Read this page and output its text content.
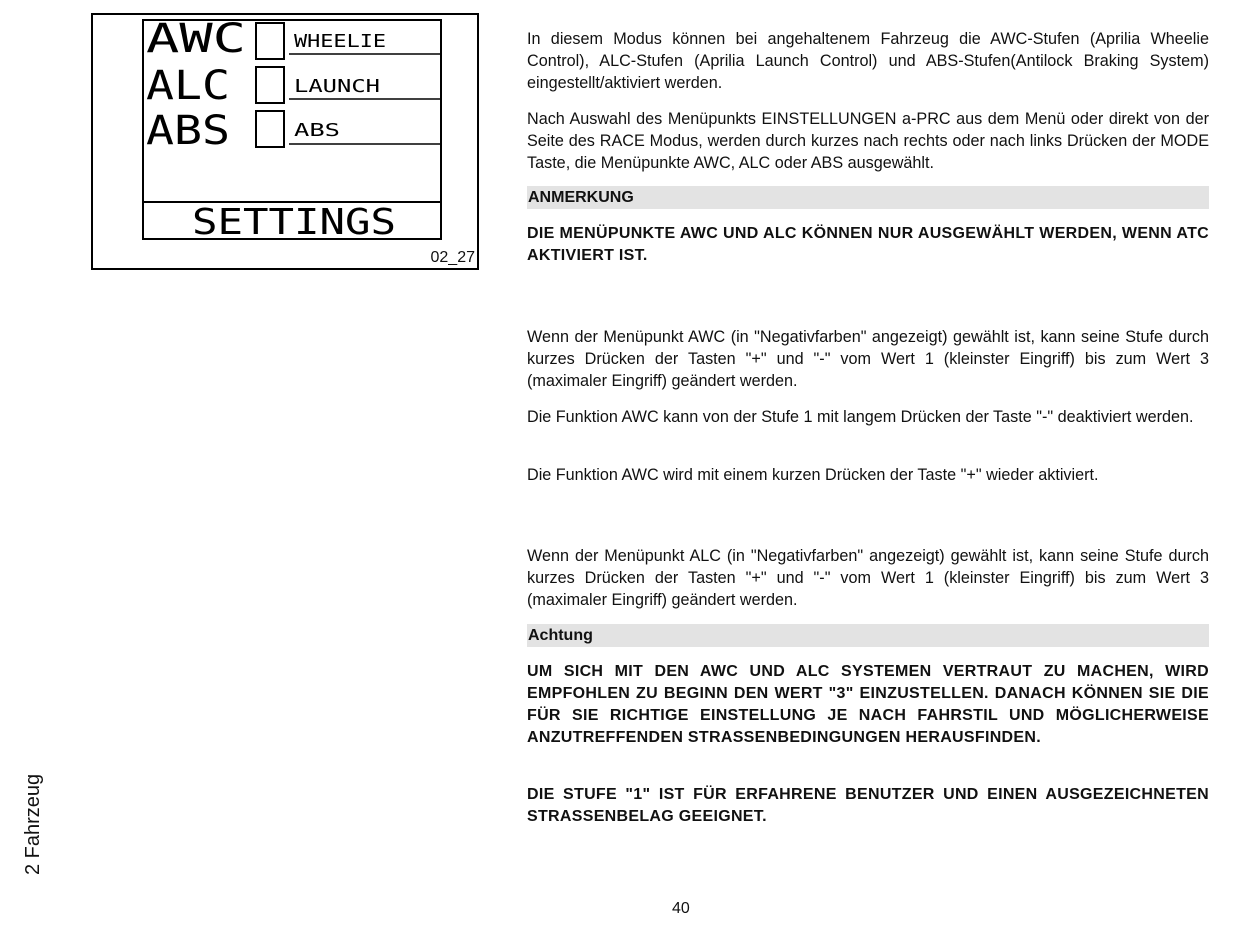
02_27
AWC	WHEELIE
ALC	LAUNCH
ABS	ABS
SETTINGS

In diesem Modus können bei angehaltenem Fahrzeug die AWC-Stufen (Aprilia Wheelie Control), ALC-Stufen (Aprilia Launch Control) und ABS-Stufen(Antilock Braking System) eingestellt/aktiviert werden.

Nach Auswahl des Menüpunkts EINSTELLUNGEN a-PRC aus dem Menü oder direkt von der Seite des RACE Modus, werden durch kurzes nach rechts oder nach links Drücken der MODE Taste, die Menüpunkte AWC, ALC oder ABS ausgewählt.

ANMERKUNG

DIE MENÜPUNKTE AWC UND ALC KÖNNEN NUR AUSGEWÄHLT WERDEN, WENN ATC AKTIVIERT IST.

Wenn der Menüpunkt AWC (in "Negativfarben" angezeigt) gewählt ist, kann seine Stufe durch kurzes Drücken der Tasten "+" und "-" vom Wert 1 (kleinster Eingriff) bis zum Wert 3 (maximaler Eingriff) geändert werden.

Die Funktion AWC kann von der Stufe 1 mit langem Drücken der Taste "-" deaktiviert werden.

Die Funktion AWC wird mit einem kurzen Drücken der Taste "+" wieder aktiviert.

Wenn der Menüpunkt ALC (in "Negativfarben" angezeigt) gewählt ist, kann seine Stufe durch kurzes Drücken der Tasten "+" und "-" vom Wert 1 (kleinster Eingriff) bis zum Wert 3 (maximaler Eingriff) geändert werden.

Achtung

UM SICH MIT DEN AWC UND ALC SYSTEMEN VERTRAUT ZU MACHEN, WIRD EMPFOHLEN ZU BEGINN DEN WERT "3" EINZUSTELLEN. DANACH KÖNNEN SIE DIE FÜR SIE RICHTIGE EINSTELLUNG JE NACH FAHRSTIL UND MÖGLICHERWEISE ANZUTREFFENDEN STRASSENBEDINGUNGEN HERAUSFINDEN.

DIE STUFE "1" IST FÜR ERFAHRENE BENUTZER UND EINEN AUSGEZEICHNETEN STRASSENBELAG GEEIGNET.

2 Fahrzeug
40
